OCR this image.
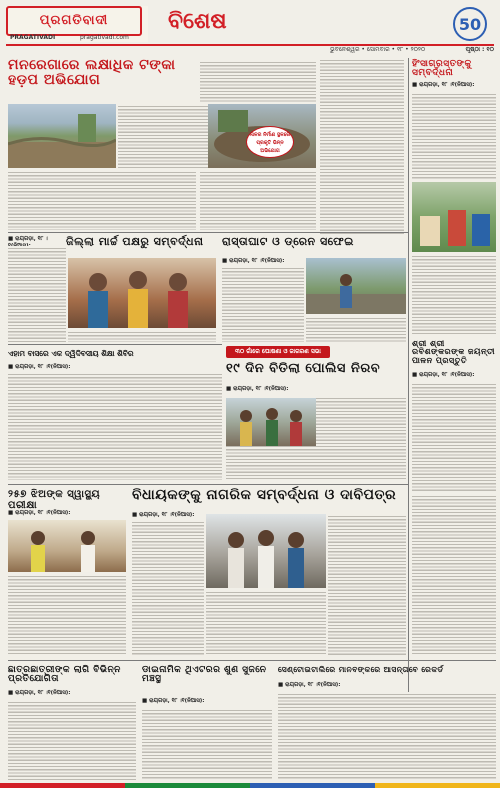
ପ୍ରଗତିବାଦୀ
PRAGATIVADI	pragativadi.com
ବିଶେଷ	50
ଭୁବନେଶ୍ୱର • ସୋମବାର • ୧୮ • ୨୦୨୦	ପୃଷ୍ଠା : ୧୦
ମନରେଗାରେ ଲକ୍ଷାଧିକ ଟଙ୍କା ହଡ଼ପ ଅଭିଯୋଗ
ନାଳର ନିର୍ମାଣ ସ୍ଥଳରେ ପ୍ରକୃତି ଭିନ୍ନ ଅଭିଯୋଗ
ହିଂସାଗ୍ରସ୍ତଙ୍କୁ ସମ୍ବର୍ଦ୍ଧନା
■ ରାୟଗଡ଼ା, ୧୮ ।୧(ନିଆସ):
■ ରାୟଗଡ଼ା, ୧୮ ।	ଜିଲ୍ଲା ମାର୍ଚ୍ଚ ପକ୍ଷରୁ ସମ୍ବର୍ଦ୍ଧନା	ରାସ୍ତାଘାଟ ଓ ଡ୍ରେନ ସଫେଇ
■ ରାୟଗଡ଼ା, ୧୮ ।୧(ନିଆସ):
ଶ୍ରୀ ଶ୍ରୀ ରବିଶଙ୍କରଙ୍କ ଜୟନ୍ତୀ ପାଳନ ପ୍ରସ୍ତୁତି
■ ରାୟଗଡ଼ା, ୧୮ ।୧(ନିଆସ):
୩୦ ଗାଁରେ ଘୋଷଣା ଓ ଜାଗରଣ ସଭା
ଏହାମ ବାସରେ ଏକ ଦ୍ୱିଦିବସୀୟ ଶିକ୍ଷା ଶିବିର
■ ରାୟଗଡ଼ା, ୧୮ ।୧(ନିଆସ):	୧୯ ଦିନ ବିତିଲା ପୋଲିସ ନିରବ
■ ରାୟଗଡ଼ା, ୧୮ ।୧(ନିଆସ):
୨୫୭ ଝିଅଙ୍କ ସ୍ୱାସ୍ଥ୍ୟ ପରୀକ୍ଷା
■ ରାୟଗଡ଼ା, ୧୮ ।୧(ନିଆସ):
ବିଧାୟକଙ୍କୁ ନାଗରିକ ସମ୍ବର୍ଦ୍ଧନା ଓ ଦାବିପତ୍ର
■ ରାୟଗଡ଼ା, ୧୮ ।୧(ନିଆସ):
ଛାତ୍ରଛାତ୍ରୀଙ୍କ ଲାଗି ବିଭିନ୍ନ ପ୍ରତିଯୋଗିତା
■ ରାୟଗଡ଼ା, ୧୮ ।୧(ନିଆସ):
ଡାଇନାମିକ ଥିଏଟରର ଶୁଣ ସୁଜନେ ମଞ୍ଚସ୍ଥ
■ ରାୟଗଡ଼ା, ୧୮ ।୧(ନିଆସ):
ସେଣ୍ଟୋଇଟାଲିରେ ମାନବଙ୍କରେ ଆସନ୍ତାବେ ରେକର୍ଡ
■ ରାୟଗଡ଼ା, ୧୮ ।୧(ନିଆସ):
